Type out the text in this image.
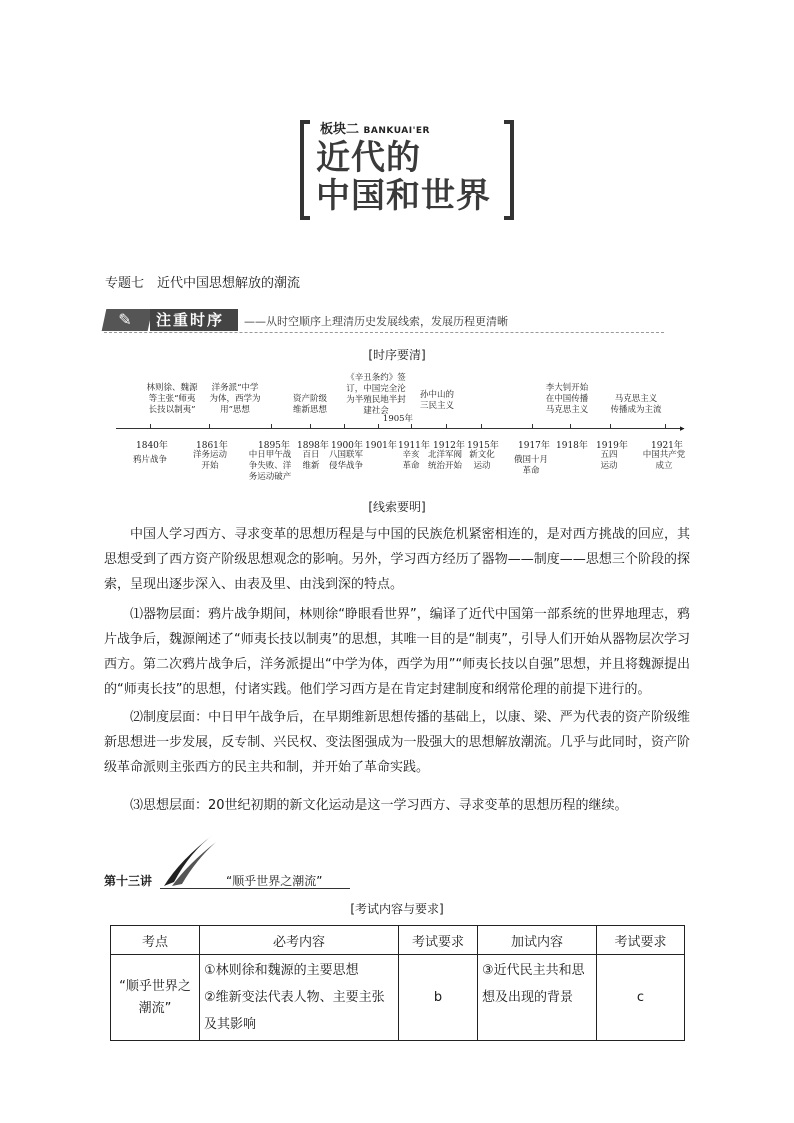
板块二 BANKUAI'ER
近代的
中国和世界
专题七　近代中国思想解放的潮流
✎ 注重时序 ——从时空顺序上理清历史发展线索，发展历程更清晰
[时序要清]
林则徐、魏源
等主张“师夷
长技以制夷”
洋务派“中学
为体，西学为
用”思想
资产阶级
维新思想
《辛丑条约》签
订，中国完全沦
为半殖民地半封
建社会
1905年
孙中山的
三民主义
李大钊开始
在中国传播
马克思主义
马克思主义
传播成为主流
▸
1840年	1861年	1895年 1898年 1900年 1901年 1911年 1912年 1915年 1917年 1918年 1919年	1921年
鸦片战争	洋务运动
开始
中日甲午战
争失败、洋
务运动破产
百日
维新
八国联军
侵华战争
辛亥
革命
北洋军阀
统治开始
新文化
运动
俄国十月
革命
五四
运动
中国共产党
成立
[线索要明]
中国人学习西方、寻求变革的思想历程是与中国的民族危机紧密相连的，是对西方挑战的回应，其思想受到了西方资产阶级思想观念的影响。另外，学习西方经历了器物——制度——思想三个阶段的探索，呈现出逐步深入、由表及里、由浅到深的特点。
⑴器物层面：鸦片战争期间，林则徐“睁眼看世界”，编译了近代中国第一部系统的世界地理志，鸦片战争后，魏源阐述了“师夷长技以制夷”的思想，其唯一目的是“制夷”，引导人们开始从器物层次学习西方。第二次鸦片战争后，洋务派提出“中学为体，西学为用”“师夷长技以自强”思想，并且将魏源提出的“师夷长技”的思想，付诸实践。他们学习西方是在肯定封建制度和纲常伦理的前提下进行的。
⑵制度层面：中日甲午战争后，在早期维新思想传播的基础上，以康、梁、严为代表的资产阶级维新思想进一步发展，反专制、兴民权、变法图强成为一股强大的思想解放潮流。几乎与此同时，资产阶级革命派则主张西方的民主共和制，并开始了革命实践。
⑶思想层面：20世纪初期的新文化运动是这一学习西方、寻求变革的思想历程的继续。
第十三讲	“顺乎世界之潮流”
[考试内容与要求]
考点	必考内容	考试要求	加试内容	考试要求
“顺乎世界之潮流”	①林则徐和魏源的主要思想
②维新变法代表人物、主要主张及其影响	b	③近代民主共和思想及出现的背景	c
